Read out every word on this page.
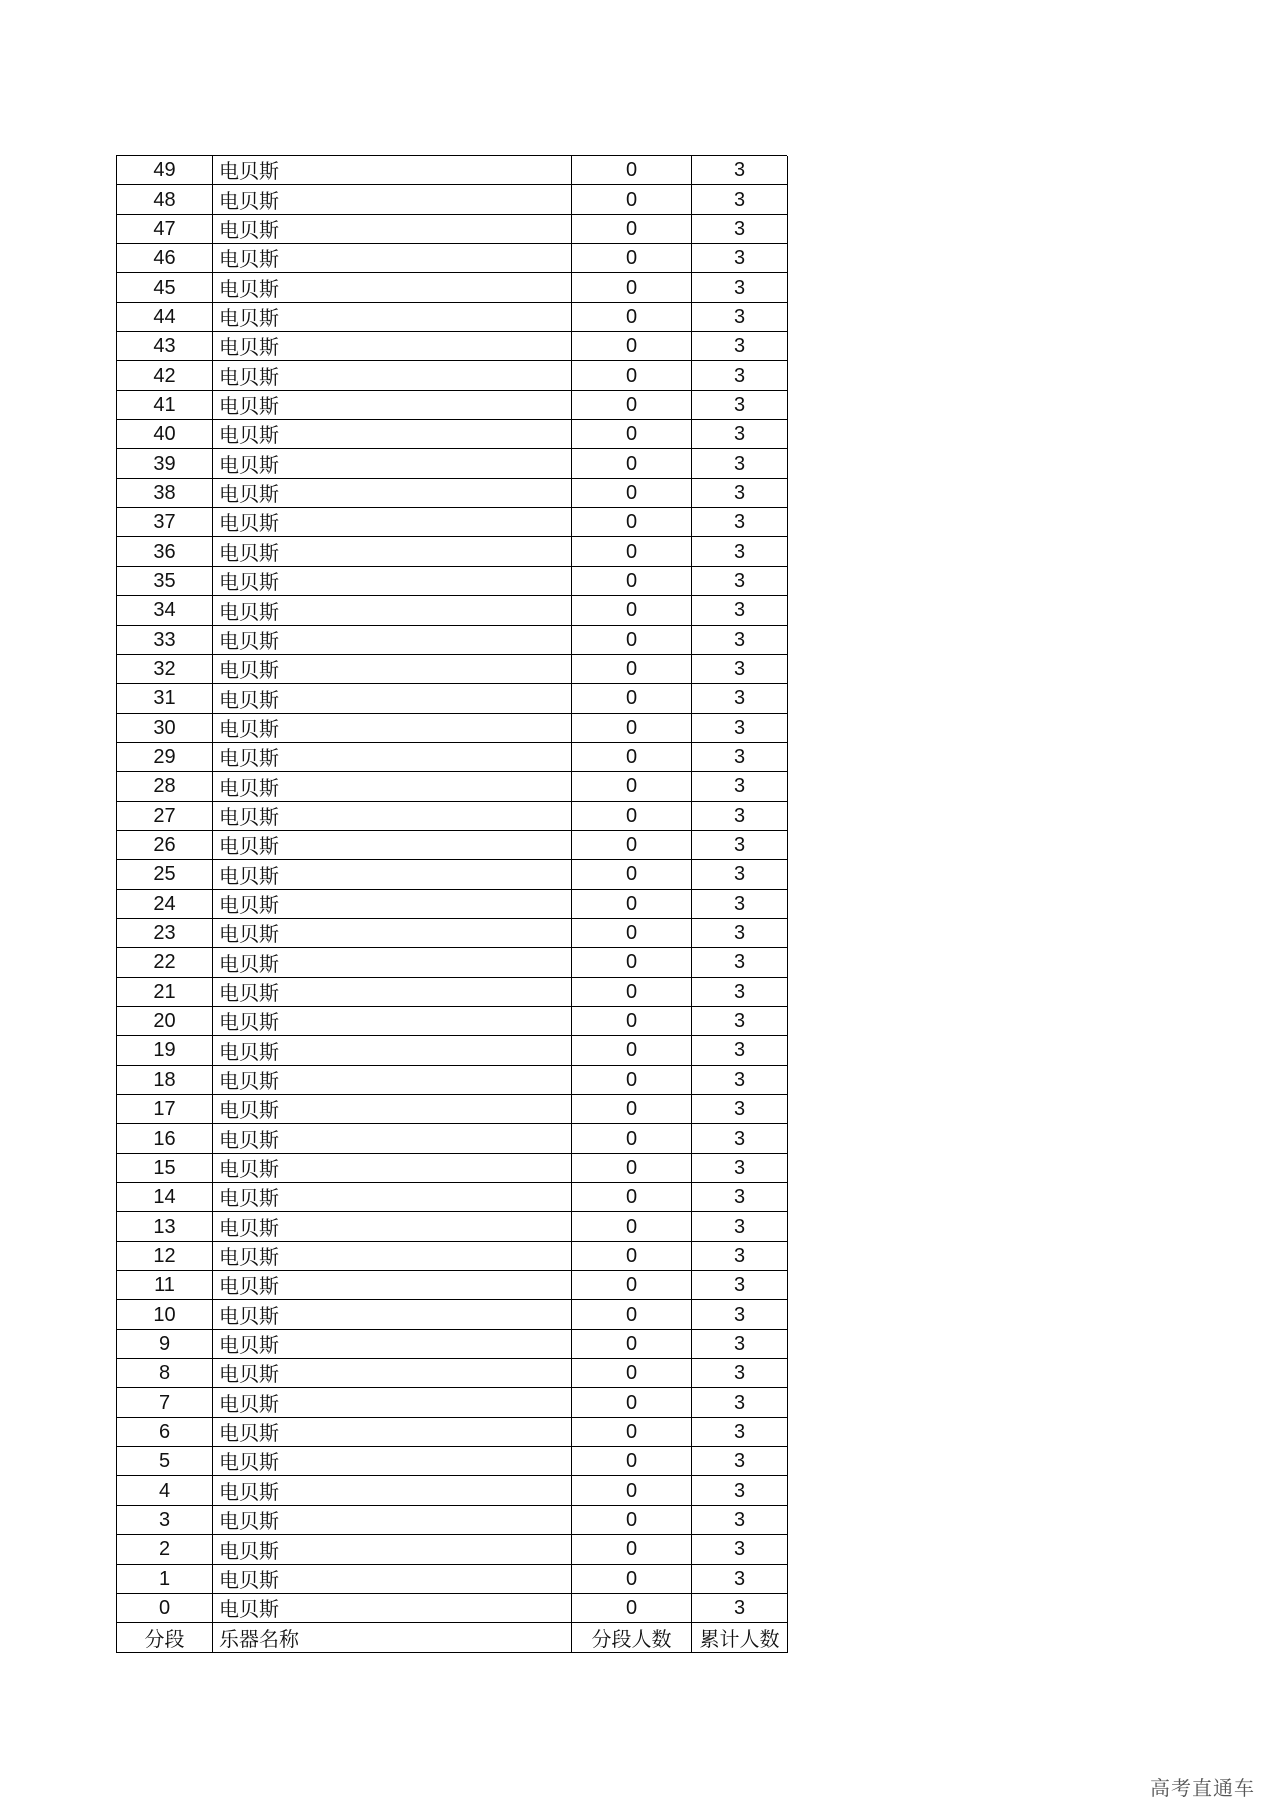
49	电贝斯	0	3
48	电贝斯	0	3
47	电贝斯	0	3
46	电贝斯	0	3
45	电贝斯	0	3
44	电贝斯	0	3
43	电贝斯	0	3
42	电贝斯	0	3
41	电贝斯	0	3
40	电贝斯	0	3
39	电贝斯	0	3
38	电贝斯	0	3
37	电贝斯	0	3
36	电贝斯	0	3
35	电贝斯	0	3
34	电贝斯	0	3
33	电贝斯	0	3
32	电贝斯	0	3
31	电贝斯	0	3
30	电贝斯	0	3
29	电贝斯	0	3
28	电贝斯	0	3
27	电贝斯	0	3
26	电贝斯	0	3
25	电贝斯	0	3
24	电贝斯	0	3
23	电贝斯	0	3
22	电贝斯	0	3
21	电贝斯	0	3
20	电贝斯	0	3
19	电贝斯	0	3
18	电贝斯	0	3
17	电贝斯	0	3
16	电贝斯	0	3
15	电贝斯	0	3
14	电贝斯	0	3
13	电贝斯	0	3
12	电贝斯	0	3
11	电贝斯	0	3
10	电贝斯	0	3
9	电贝斯	0	3
8	电贝斯	0	3
7	电贝斯	0	3
6	电贝斯	0	3
5	电贝斯	0	3
4	电贝斯	0	3
3	电贝斯	0	3
2	电贝斯	0	3
1	电贝斯	0	3
0	电贝斯	0	3
分段	乐器名称	分段人数	累计人数
高考直通车
